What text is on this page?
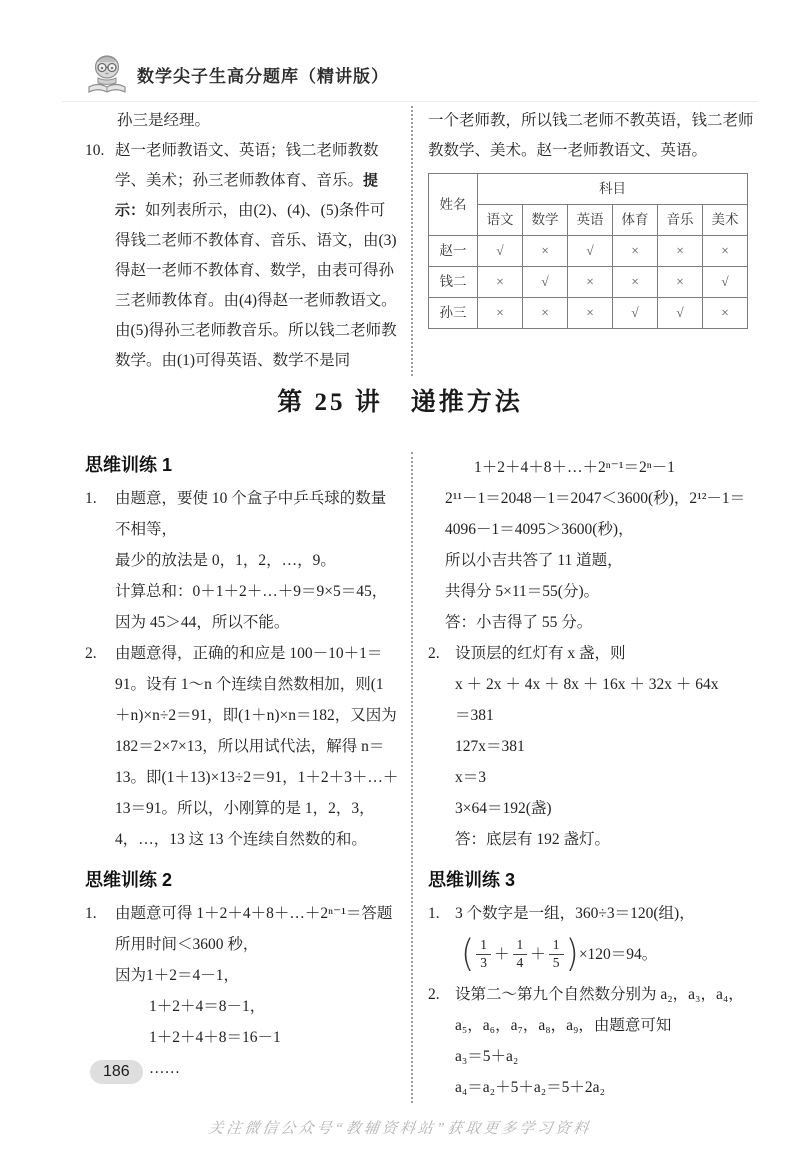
数学尖子生高分题库（精讲版）

孙三是经理。

10. 赵一老师教语文、英语；钱二老师教数学、美术；孙三老师教体育、音乐。提示：如列表所示，由(2)、(4)、(5)条件可得钱二老师不教体育、音乐、语文，由(3)得赵一老师不教体育、数学，由表可得孙三老师教体育。由(4)得赵一老师教语文。由(5)得孙三老师教音乐。所以钱二老师教数学。由(1)可得英语、数学不是同

一个老师教，所以钱二老师不教英语，钱二老师教数学、美术。赵一老师教语文、英语。

姓名	科目					
	语文	数学	英语	体育	音乐	美术
赵一	√	×	√	×	×	×
钱二	×	√	×	×	×	√
孙三	×	×	×	√	√	×
第 25 讲　递推方法
思维训练 1
1.	由题意，要使 10 个盒子中乒乓球的数量不相等，

最少的放法是 0，1，2，…，9。

计算总和：0＋1＋2＋…＋9＝9×5＝45，

因为 45＞44，所以不能。

2.	由题意得，正确的和应是 100－10＋1＝91。设有 1～n 个连续自然数相加，则(1＋n)×n÷2＝91，即(1＋n)×n＝182，又因为 182＝2×7×13，所以用试代法，解得 n＝13。即(1＋13)×13÷2＝91，1＋2＋3＋…＋13＝91。所以，小刚算的是 1，2，3，4，…，13 这 13 个连续自然数的和。

思维训练 2
1.	由题意可得 1＋2＋4＋8＋…＋2ⁿ⁻¹＝答题所用时间＜3600 秒，

因为1＋2＝4－1，

1＋2＋4＝8－1，

1＋2＋4＋8＝16－1

……

1＋2＋4＋8＋…＋2ⁿ⁻¹＝2ⁿ－1

2¹¹－1＝2048－1＝2047＜3600(秒)，2¹²－1＝4096－1＝4095＞3600(秒)，

所以小吉共答了 11 道题，

共得分 5×11＝55(分)。

答：小吉得了 55 分。

2. 设顶层的红灯有 x 盏，则

x ＋ 2x ＋ 4x ＋ 8x ＋ 16x ＋ 32x ＋ 64x

＝381

127x＝381

x＝3

3×64＝192(盏)

答：底层有 192 盏灯。

思维训练 3
1. 3 个数字是一组，360÷3＝120(组)，

( $\frac{1}{3} + \frac{1}{4} + \frac{1}{5}$ ) ×120＝94。
2. 设第二～第九个自然数分别为 a₂，a₃，a₄，

a₅，a₆，a₇，a₈，a₉，由题意可知

a₃＝5＋a₂

a₄＝a₂＋5＋a₂＝5＋2a₂

186
关注微信公众号“教辅资料站”获取更多学习资料
